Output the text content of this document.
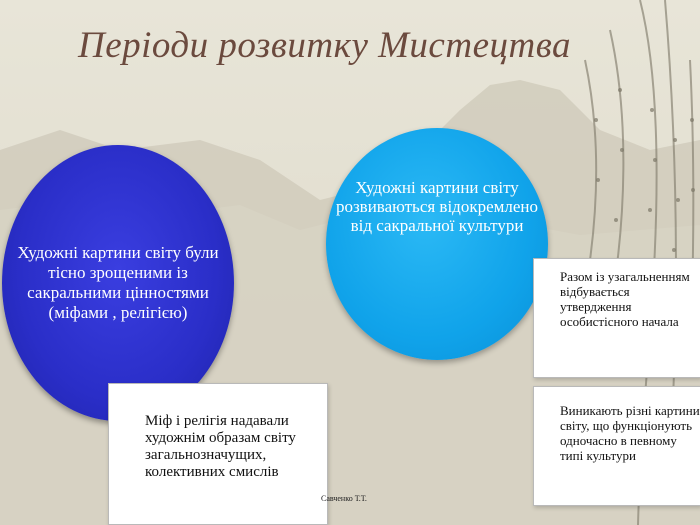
Періоди розвитку Мистецтва
Художні картини світу були тісно зрощеними із сакральними цінностями (міфами , релігією)
Художні картини світу розвиваються відокремлено від сакральної культури
Міф і релігія надавали художнім образам світу загальнозначущих, колективних смислів
Разом із узагальненням відбувається утвердження особистісного начала
Виникають різні картини світу, що функціонують одночасно в певному типі культури
Савченко Т.Т.
